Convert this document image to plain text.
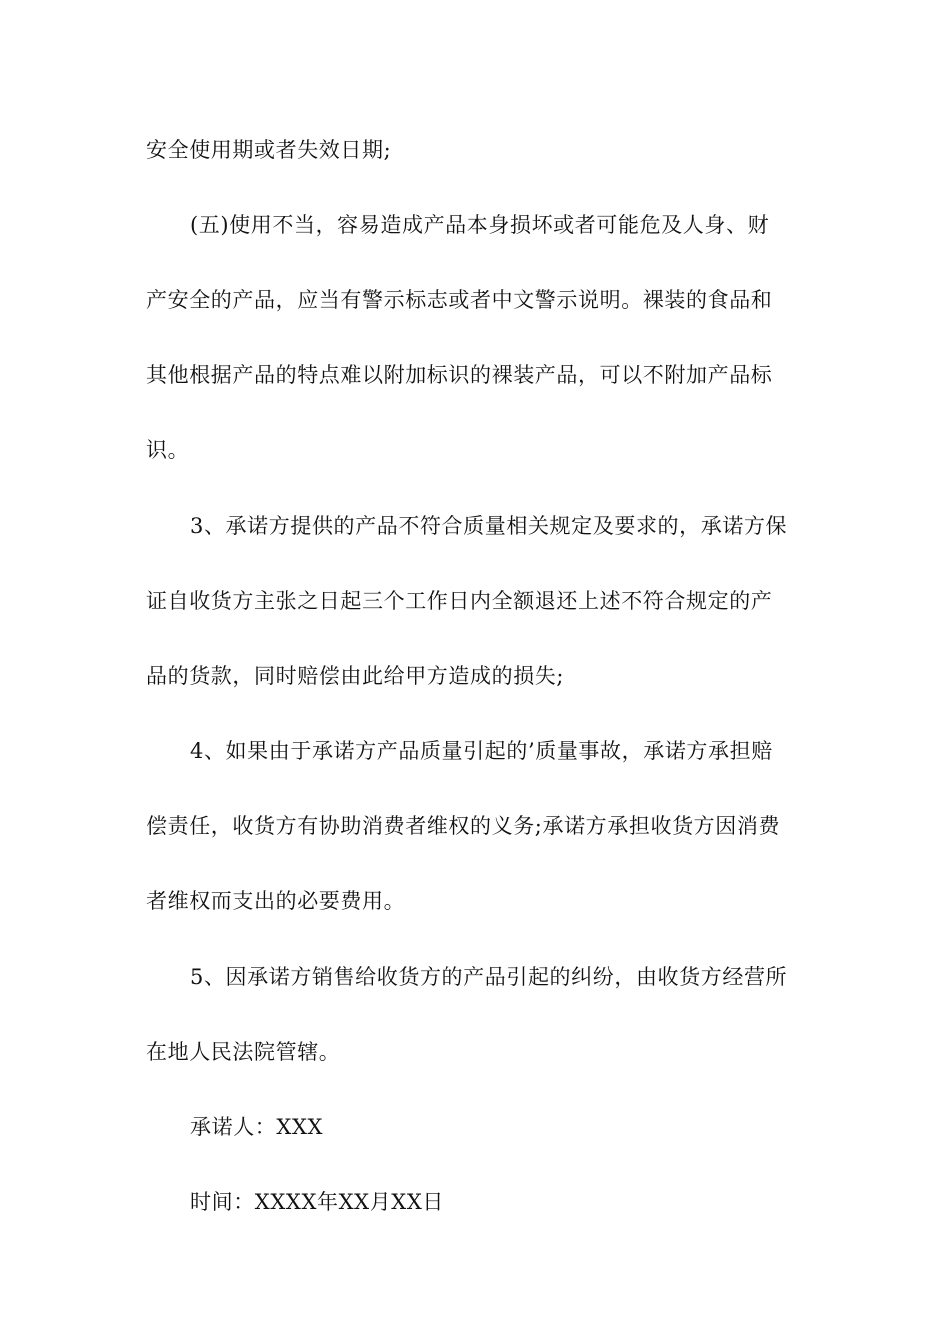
安全使用期或者失效日期;
(五)使用不当，容易造成产品本身损坏或者可能危及人身、财
产安全的产品，应当有警示标志或者中文警示说明。裸装的食品和
其他根据产品的特点难以附加标识的裸装产品，可以不附加产品标
识。
3、承诺方提供的产品不符合质量相关规定及要求的，承诺方保
证自收货方主张之日起三个工作日内全额退还上述不符合规定的产
品的货款，同时赔偿由此给甲方造成的损失;
4、如果由于承诺方产品质量引起的’质量事故，承诺方承担赔
偿责任，收货方有协助消费者维权的义务;承诺方承担收货方因消费
者维权而支出的必要费用。
5、因承诺方销售给收货方的产品引起的纠纷，由收货方经营所
在地人民法院管辖。
承诺人：XXX
时间：XXXX年XX月XX日
